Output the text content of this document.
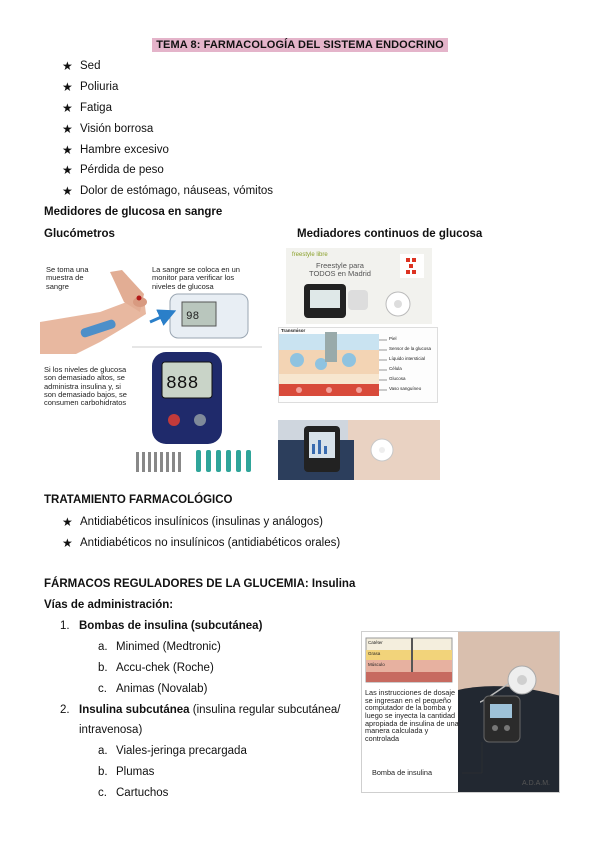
TEMA 8: FARMACOLOGÍA DEL SISTEMA ENDOCRINO
★ Sed
★ Poliuria
★ Fatiga
★ Visión borrosa
★ Hambre excesivo
★ Pérdida de peso
★ Dolor de estómago, náuseas, vómitos
Medidores de glucosa en sangre
Glucómetros	Mediadores continuos de glucosa
98
888
Se toma una muestra de sangre
La sangre se coloca en un monitor para verificar los niveles de glucosa
Si los niveles de glucosa son demasiado altos, se administra insulina y, si son demasiado bajos, se consumen carbohidratos
freestyle libre
Freestyle para TODOS en Madrid
Transmisor
Piel
Sensor de la glucosa
Líquido intersticial
Célula
Glucosa
Vaso sanguíneo
TRATAMIENTO FARMACOLÓGICO
★ Antidiabéticos insulínicos (insulinas y análogos)
★ Antidiabéticos no insulínicos (antidiabéticos orales)
FÁRMACOS REGULADORES DE LA GLUCEMIA: Insulina
Vías de administración:
1. Bombas de insulina (subcutánea)
a. Minimed (Medtronic)
b. Accu-chek (Roche)
c. Animas (Novalab)
2. Insulina subcutánea (insulina regular subcutánea/
intravenosa)
a. Viales-jeringa precargada
b. Plumas
c. Cartuchos
Catéter
Grasa
Músculo
Las instrucciones de dosaje se ingresan en el pequeño computador de la bomba y luego se inyecta la cantidad apropiada de insulina de una manera calculada y controlada
Bomba de insulina
A.D.A.M.
